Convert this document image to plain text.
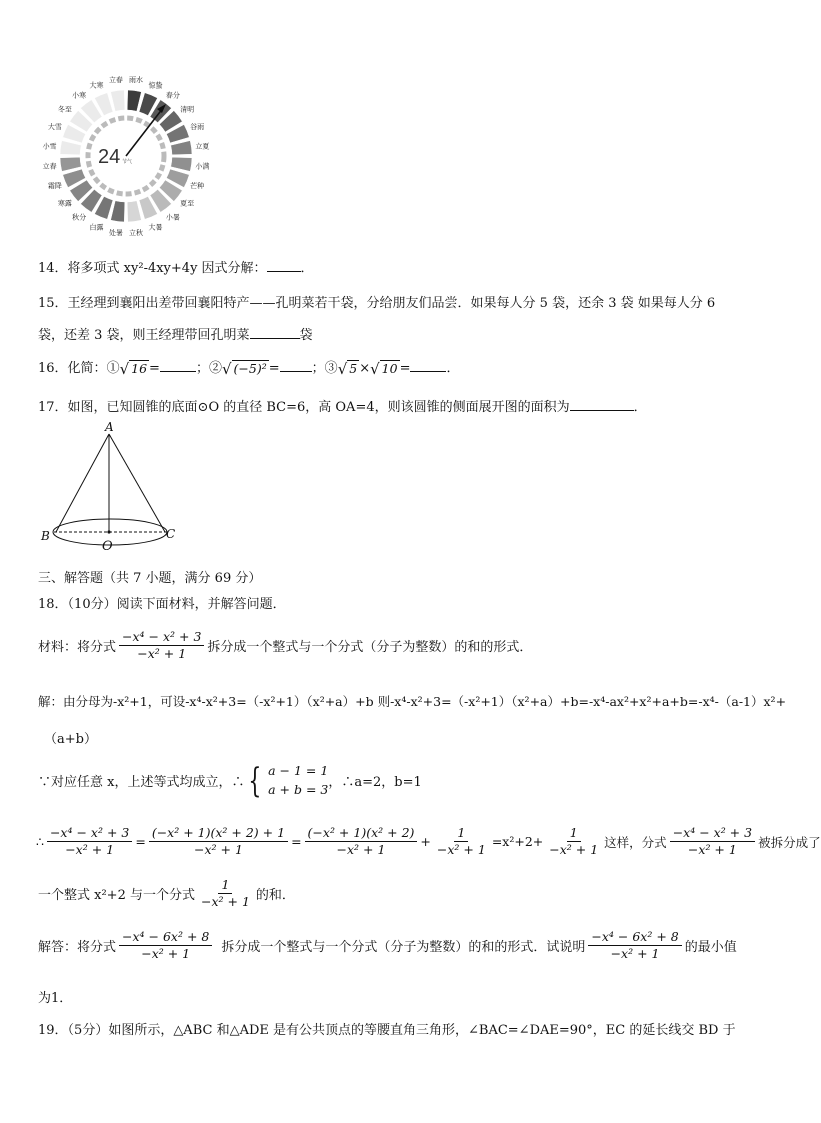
雨水
惊蛰
春分
清明
谷雨
立夏
小满
芒种
夏至
小暑
大暑
立秋
处暑
白露
秋分
寒露
霜降
立春
小雪
大雪
冬至
小寒
大寒
立春
24 节气
14．将多项式 xy²-4xy+4y 因式分解：	．
15．王经理到襄阳出差带回襄阳特产——孔明菜若干袋，分给朋友们品尝．如果每人分 5 袋，还余 3 袋 如果每人分 6
袋，还差 3 袋，则王经理带回孔明菜	袋
16．化简：① √ 16 =	；② √ (−5)² = ；③ √ 5 × √ 10 =	．
17．如图，已知圆锥的底面⊙O 的直径 BC=6，高 OA=4，则该圆锥的侧面展开图的面积为	．
A
B	C
O
三、解答题（共 7 小题，满分 69 分）
18．（10分）阅读下面材料，并解答问题．
材料：将分式 $\frac{\text{−x⁴ − x² + 3}}{\text{−x² + 1}}$ 拆分成一个整式与一个分式（分子为整数）的和的形式．
解：由分母为-x²+1，可设-x⁴-x²+3=（-x²+1）（x²+a）+b 则-x⁴-x²+3=（-x²+1）（x²+a）+b=-x⁴-ax²+x²+a+b=-x⁴-（a-1）x²+
（a+b）
∵对应任意 x，上述等式均成立，∴ { a − 1 = 1
a + b = 3 ，∴a=2，b=1
∴ $\frac{\text{−x⁴ − x² + 3}}{\text{−x² + 1}} = \frac{\text{(−x² + 1)(x² + 2) + 1}}{\text{−x² + 1}} = \frac{\text{(−x² + 1)(x² + 2)}}{\text{−x² + 1}} + \frac{1}{\text{−x² + 1}} =x^2+2+ \frac{1}{\text{−x² + 1}}$ 这样，分式 $\frac{\text{−x⁴ − x² + 3}}{\text{−x² + 1}}$ 被拆分成了
一个整式 x²+2 与一个分式 $\frac{1}{\text{−x² + 1}}$ 的和．
解答：将分式 $\frac{\text{−x⁴ − 6x² + 8}}{\text{−x² + 1}}$ 拆分成一个整式与一个分式（分子为整数）的和的形式．试说明 $\frac{\text{−x⁴ − 6x² + 8}}{\text{−x² + 1}}$ 的最小值
为1．
19．（5分）如图所示，△ABC 和△ADE 是有公共顶点的等腰直角三角形，∠BAC=∠DAE=90°，EC 的延长线交 BD 于
